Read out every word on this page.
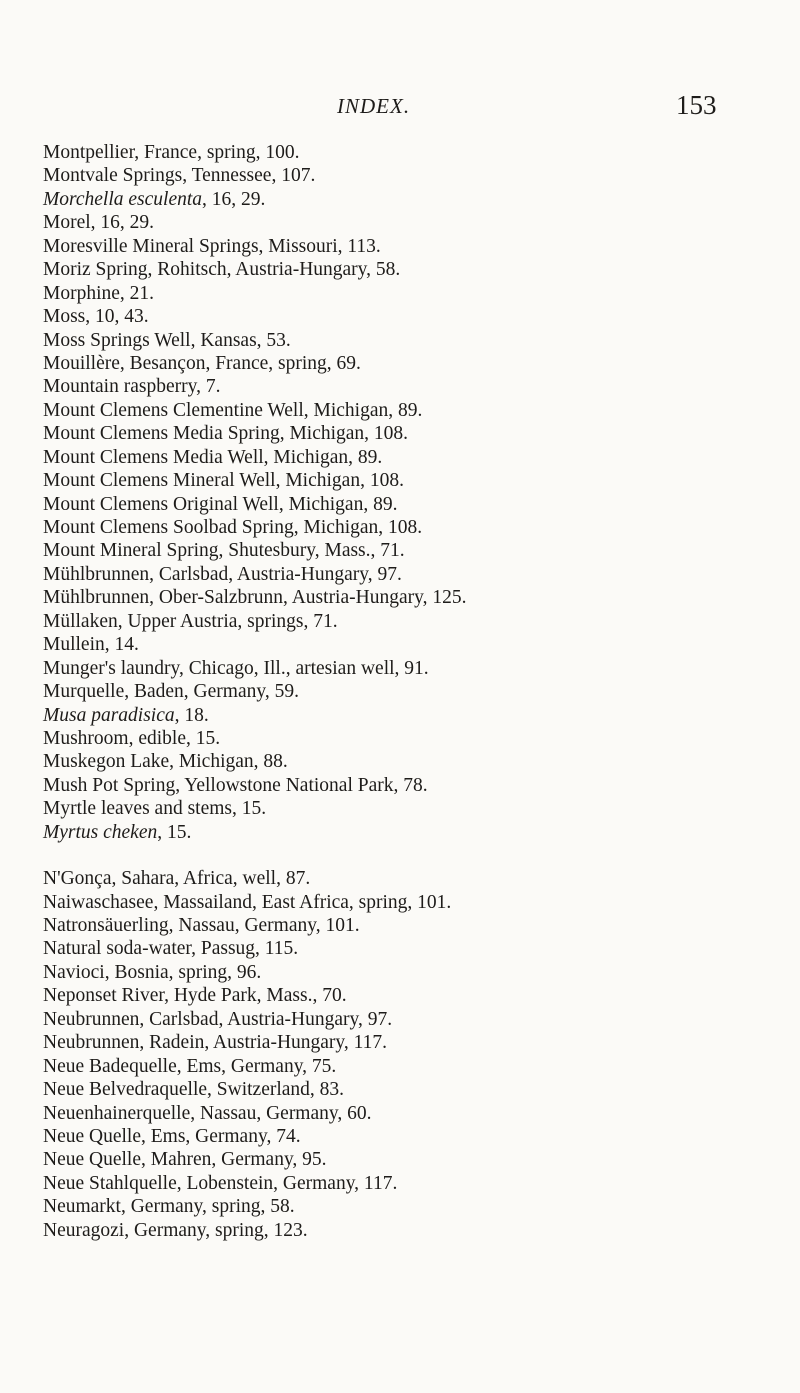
INDEX.	153
Montpellier, France, spring, 100.
Montvale Springs, Tennessee, 107.
Morchella esculenta, 16, 29.
Morel, 16, 29.
Moresville Mineral Springs, Missouri, 113.
Moriz Spring, Rohitsch, Austria-Hungary, 58.
Morphine, 21.
Moss, 10, 43.
Moss Springs Well, Kansas, 53.
Mouillère, Besançon, France, spring, 69.
Mountain raspberry, 7.
Mount Clemens Clementine Well, Michigan, 89.
Mount Clemens Media Spring, Michigan, 108.
Mount Clemens Media Well, Michigan, 89.
Mount Clemens Mineral Well, Michigan, 108.
Mount Clemens Original Well, Michigan, 89.
Mount Clemens Soolbad Spring, Michigan, 108.
Mount Mineral Spring, Shutesbury, Mass., 71.
Mühlbrunnen, Carlsbad, Austria-Hungary, 97.
Mühlbrunnen, Ober-Salzbrunn, Austria-Hungary, 125.
Müllaken, Upper Austria, springs, 71.
Mullein, 14.
Munger's laundry, Chicago, Ill., artesian well, 91.
Murquelle, Baden, Germany, 59.
Musa paradisica, 18.
Mushroom, edible, 15.
Muskegon Lake, Michigan, 88.
Mush Pot Spring, Yellowstone National Park, 78.
Myrtle leaves and stems, 15.
Myrtus cheken, 15.
N'Gonça, Sahara, Africa, well, 87.
Naiwaschasee, Massailand, East Africa, spring, 101.
Natronsäuerling, Nassau, Germany, 101.
Natural soda-water, Passug, 115.
Navioci, Bosnia, spring, 96.
Neponset River, Hyde Park, Mass., 70.
Neubrunnen, Carlsbad, Austria-Hungary, 97.
Neubrunnen, Radein, Austria-Hungary, 117.
Neue Badequelle, Ems, Germany, 75.
Neue Belvedraquelle, Switzerland, 83.
Neuenhainerquelle, Nassau, Germany, 60.
Neue Quelle, Ems, Germany, 74.
Neue Quelle, Mahren, Germany, 95.
Neue Stahlquelle, Lobenstein, Germany, 117.
Neumarkt, Germany, spring, 58.
Neuragozi, Germany, spring, 123.
